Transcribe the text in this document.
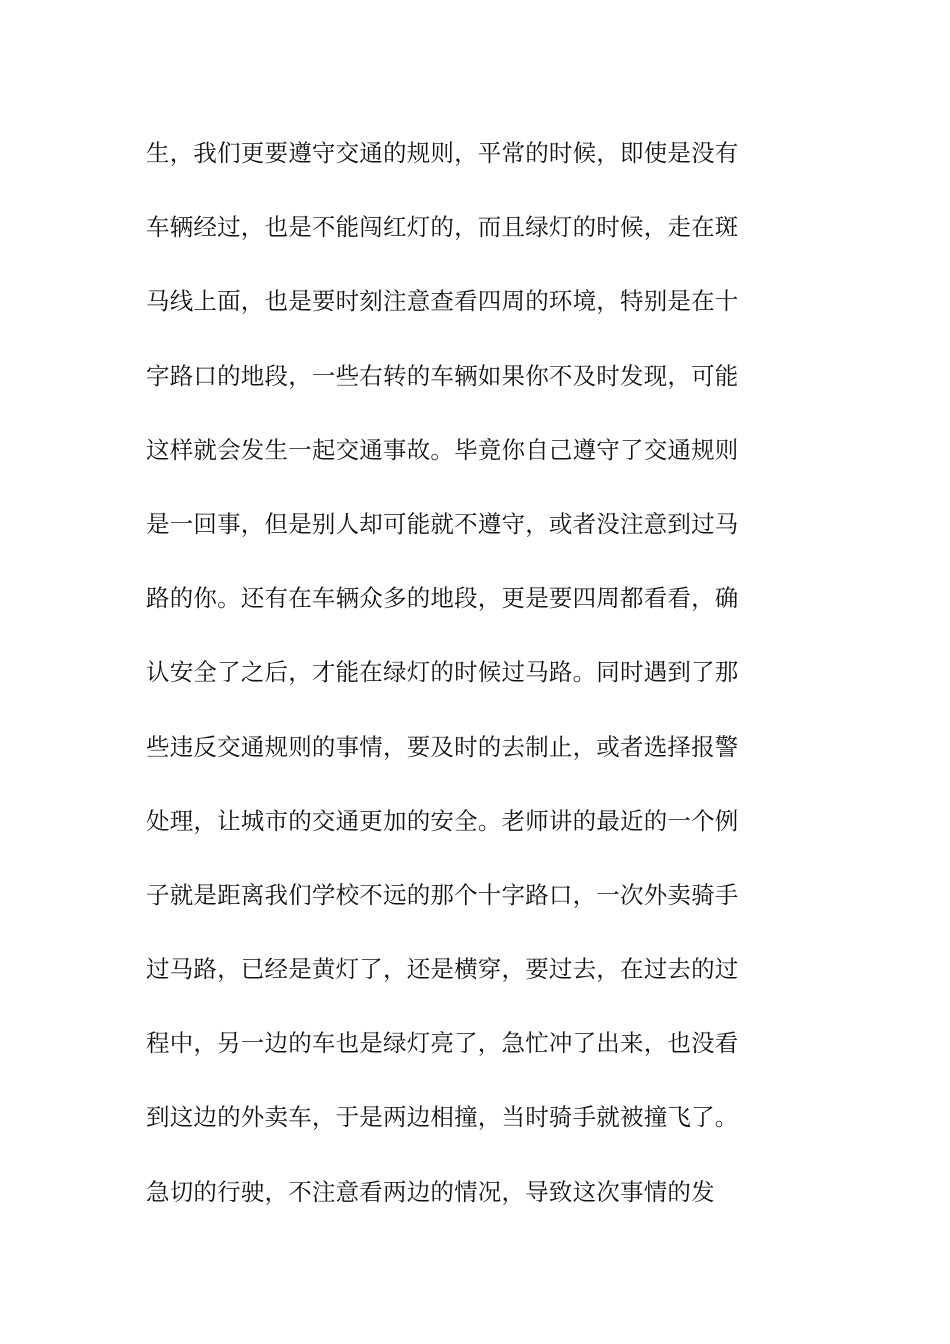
生，我们更要遵守交通的规则，平常的时候，即使是没有
车辆经过，也是不能闯红灯的，而且绿灯的时候，走在斑
马线上面，也是要时刻注意查看四周的环境，特别是在十
字路口的地段，一些右转的车辆如果你不及时发现，可能
这样就会发生一起交通事故。毕竟你自己遵守了交通规则
是一回事，但是别人却可能就不遵守，或者没注意到过马
路的你。还有在车辆众多的地段，更是要四周都看看，确
认安全了之后，才能在绿灯的时候过马路。同时遇到了那
些违反交通规则的事情，要及时的去制止，或者选择报警
处理，让城市的交通更加的安全。老师讲的最近的一个例
子就是距离我们学校不远的那个十字路口，一次外卖骑手
过马路，已经是黄灯了，还是横穿，要过去，在过去的过
程中，另一边的车也是绿灯亮了，急忙冲了出来，也没看
到这边的外卖车，于是两边相撞，当时骑手就被撞飞了。
急切的行驶，不注意看两边的情况，导致这次事情的发
